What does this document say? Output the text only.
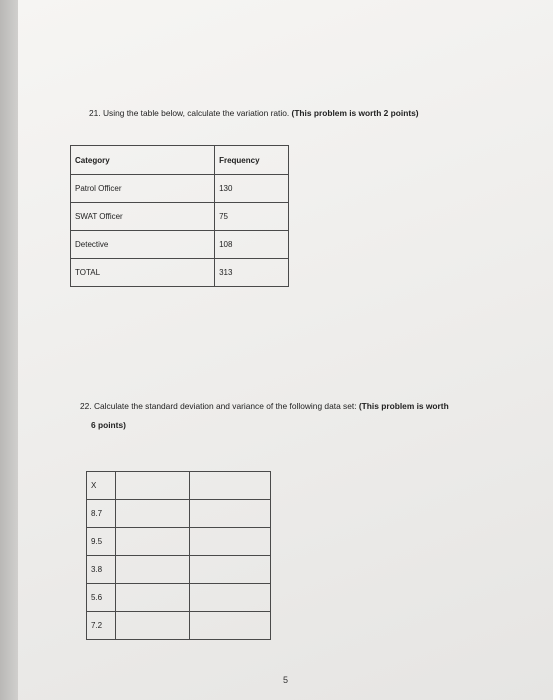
21. Using the table below, calculate the variation ratio. (This problem is worth 2 points)
Category	Frequency
Patrol Officer	130
SWAT Officer	75
Detective	108
TOTAL	313
22. Calculate the standard deviation and variance of the following data set: (This problem is worth
6 points)
X		
8.7		
9.5		
3.8		
5.6		
7.2		
5
